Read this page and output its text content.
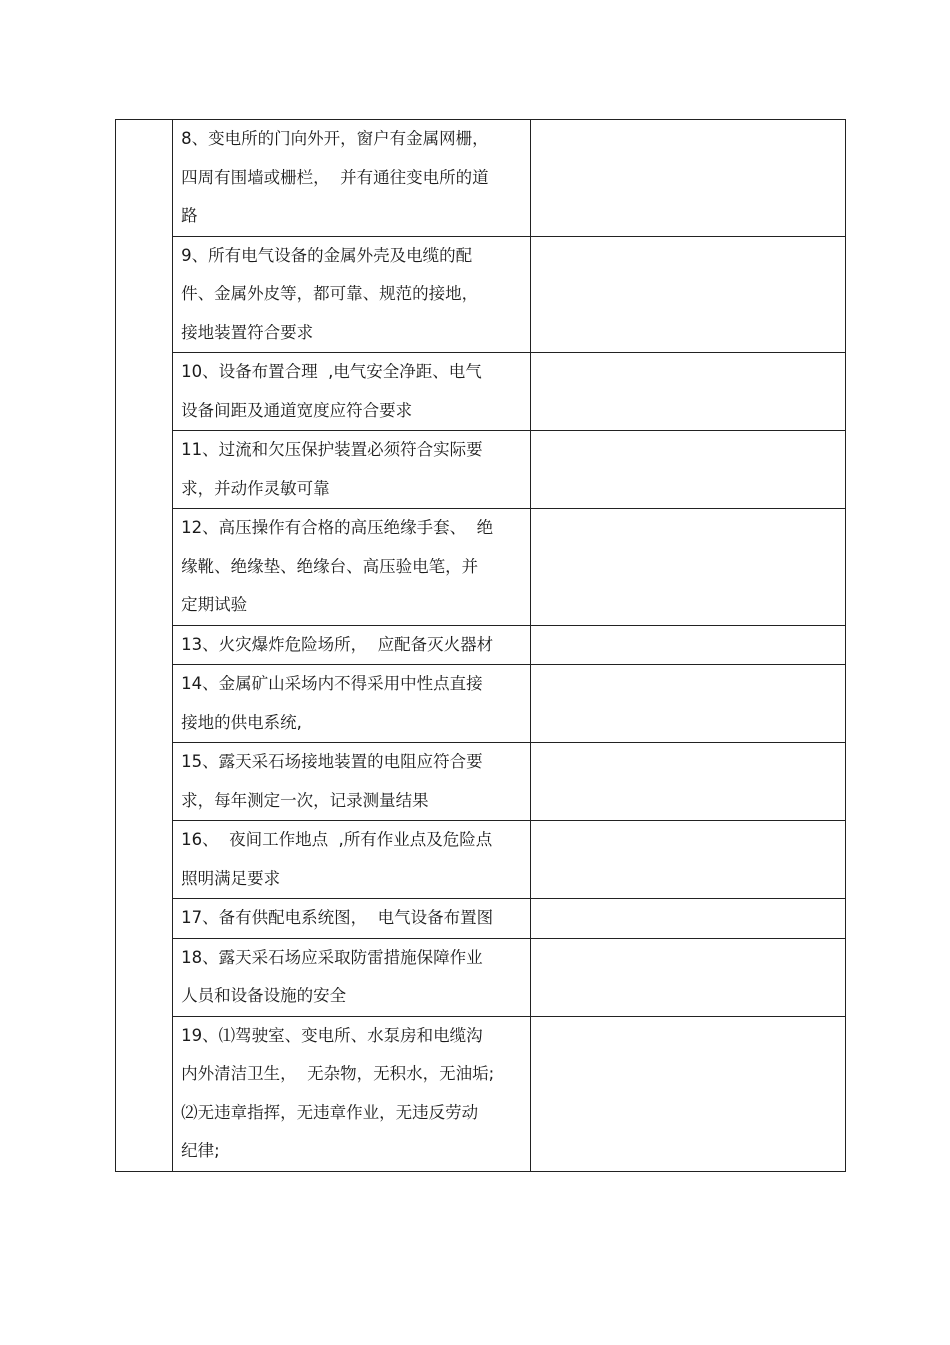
	8、变电所的门向外开，窗户有金属网栅，
四周有围墙或栅栏，  并有通往变电所的道
路	

	9、所有电气设备的金属外壳及电缆的配
件、金属外皮等，都可靠、规范的接地，
接地装置符合要求	

	10、设备布置合理  ,电气安全净距、电气
设备间距及通道宽度应符合要求	

	11、过流和欠压保护装置必须符合实际要
求，并动作灵敏可靠	

	12、高压操作有合格的高压绝缘手套、  绝
缘靴、绝缘垫、绝缘台、高压验电笔，并
定期试验	

	13、火灾爆炸危险场所，  应配备灭火器材	

	14、金属矿山采场内不得采用中性点直接
接地的供电系统,	

	15、露天采石场接地装置的电阻应符合要
求，每年测定一次，记录测量结果	

	16、  夜间工作地点  ,所有作业点及危险点
照明满足要求	

	17、备有供配电系统图，  电气设备布置图	

	18、露天采石场应采取防雷措施保障作业
人员和设备设施的安全	

	19、⑴驾驶室、变电所、水泵房和电缆沟
内外清洁卫生，  无杂物，无积水，无油垢;
⑵无违章指挥，无违章作业，无违反劳动
纪律;	
